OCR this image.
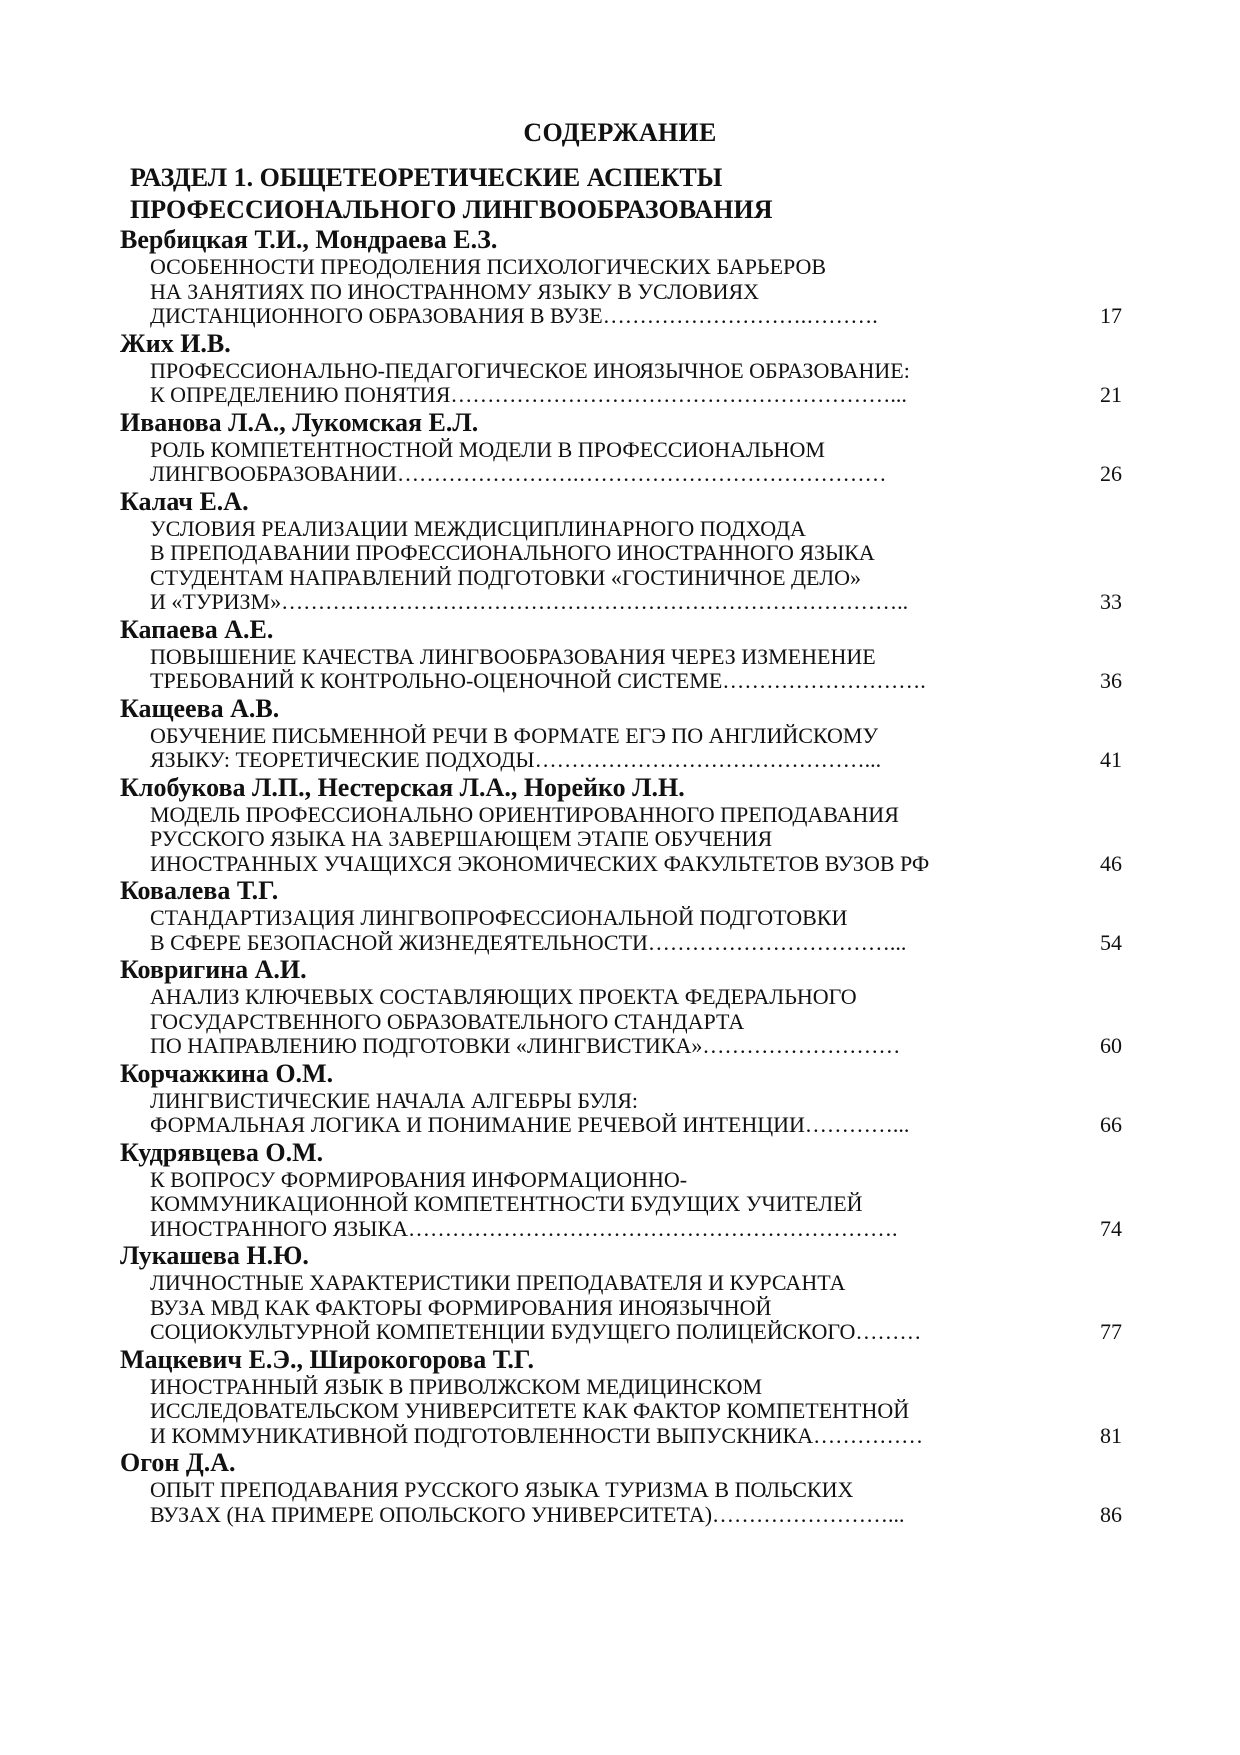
СОДЕРЖАНИЕ
РАЗДЕЛ 1. ОБЩЕТЕОРЕТИЧЕСКИЕ АСПЕКТЫ
ПРОФЕССИОНАЛЬНОГО ЛИНГВООБРАЗОВАНИЯ
Вербицкая Т.И., Мондраева Е.З.
ОСОБЕННОСТИ ПРЕОДОЛЕНИЯ ПСИХОЛОГИЧЕСКИХ БАРЬЕРОВ
НА ЗАНЯТИЯХ ПО ИНОСТРАННОМУ ЯЗЫКУ В УСЛОВИЯХ
ДИСТАНЦИОННОГО ОБРАЗОВАНИЯ В ВУЗЕ……………………….……….	17
Жих И.В.
ПРОФЕССИОНАЛЬНО-ПЕДАГОГИЧЕСКОЕ ИНОЯЗЫЧНОЕ ОБРАЗОВАНИЕ:
К ОПРЕДЕЛЕНИЮ ПОНЯТИЯ……………………………………………………...	21
Иванова Л.А., Лукомская Е.Л.
РОЛЬ КОМПЕТЕНТНОСТНОЙ МОДЕЛИ В ПРОФЕССИОНАЛЬНОМ
ЛИНГВООБРАЗОВАНИИ…………………….……………………………………	26
Калач Е.А.
УСЛОВИЯ РЕАЛИЗАЦИИ МЕЖДИСЦИПЛИНАРНОГО ПОДХОДА
В ПРЕПОДАВАНИИ ПРОФЕССИОНАЛЬНОГО ИНОСТРАННОГО ЯЗЫКА
СТУДЕНТАМ НАПРАВЛЕНИЙ ПОДГОТОВКИ «ГОСТИНИЧНОЕ ДЕЛО»
И «ТУРИЗМ»…………………………………………………………………………..	33
Капаева А.Е.
ПОВЫШЕНИЕ КАЧЕСТВА ЛИНГВООБРАЗОВАНИЯ ЧЕРЕЗ ИЗМЕНЕНИЕ
ТРЕБОВАНИЙ К КОНТРОЛЬНО-ОЦЕНОЧНОЙ СИСТЕМЕ……………………….	36
Кащеева А.В.
ОБУЧЕНИЕ ПИСЬМЕННОЙ РЕЧИ В ФОРМАТЕ ЕГЭ ПО АНГЛИЙСКОМУ
ЯЗЫКУ: ТЕОРЕТИЧЕСКИЕ ПОДХОДЫ………………………………………...	41
Клобукова Л.П., Нестерская Л.А., Норейко Л.Н.
МОДЕЛЬ ПРОФЕССИОНАЛЬНО ОРИЕНТИРОВАННОГО ПРЕПОДАВАНИЯ
РУССКОГО ЯЗЫКА НА ЗАВЕРШАЮЩЕМ ЭТАПЕ ОБУЧЕНИЯ
ИНОСТРАННЫХ УЧАЩИХСЯ ЭКОНОМИЧЕСКИХ ФАКУЛЬТЕТОВ ВУЗОВ РФ	46
Ковалева Т.Г.
СТАНДАРТИЗАЦИЯ ЛИНГВОПРОФЕССИОНАЛЬНОЙ ПОДГОТОВКИ
В СФЕРЕ БЕЗОПАСНОЙ ЖИЗНЕДЕЯТЕЛЬНОСТИ……………………………...	54
Ковригина А.И.
АНАЛИЗ КЛЮЧЕВЫХ СОСТАВЛЯЮЩИХ ПРОЕКТА ФЕДЕРАЛЬНОГО
ГОСУДАРСТВЕННОГО ОБРАЗОВАТЕЛЬНОГО СТАНДАРТА
ПО НАПРАВЛЕНИЮ ПОДГОТОВКИ «ЛИНГВИСТИКА»………………………	60
Корчажкина О.М.
ЛИНГВИСТИЧЕСКИЕ НАЧАЛА АЛГЕБРЫ БУЛЯ:
ФОРМАЛЬНАЯ ЛОГИКА И ПОНИМАНИЕ РЕЧЕВОЙ ИНТЕНЦИИ…………...	66
Кудрявцева О.М.
К ВОПРОСУ ФОРМИРОВАНИЯ ИНФОРМАЦИОННО-
КОММУНИКАЦИОННОЙ КОМПЕТЕНТНОСТИ БУДУЩИХ УЧИТЕЛЕЙ
ИНОСТРАННОГО ЯЗЫКА………………………………………………………….	74
Лукашева Н.Ю.
ЛИЧНОСТНЫЕ ХАРАКТЕРИСТИКИ ПРЕПОДАВАТЕЛЯ И КУРСАНТА
ВУЗА МВД КАК ФАКТОРЫ ФОРМИРОВАНИЯ ИНОЯЗЫЧНОЙ
СОЦИОКУЛЬТУРНОЙ КОМПЕТЕНЦИИ БУДУЩЕГО ПОЛИЦЕЙСКОГО………	77
Мацкевич Е.Э., Широкогорова Т.Г.
ИНОСТРАННЫЙ ЯЗЫК В ПРИВОЛЖСКОМ МЕДИЦИНСКОМ
ИССЛЕДОВАТЕЛЬСКОМ УНИВЕРСИТЕТЕ КАК ФАКТОР КОМПЕТЕНТНОЙ
И КОММУНИКАТИВНОЙ ПОДГОТОВЛЕННОСТИ ВЫПУСКНИКА……………	81
Огон Д.А.
ОПЫТ ПРЕПОДАВАНИЯ РУССКОГО ЯЗЫКА ТУРИЗМА В ПОЛЬСКИХ
ВУЗАХ (НА ПРИМЕРЕ ОПОЛЬСКОГО УНИВЕРСИТЕТА)……………………...	86
